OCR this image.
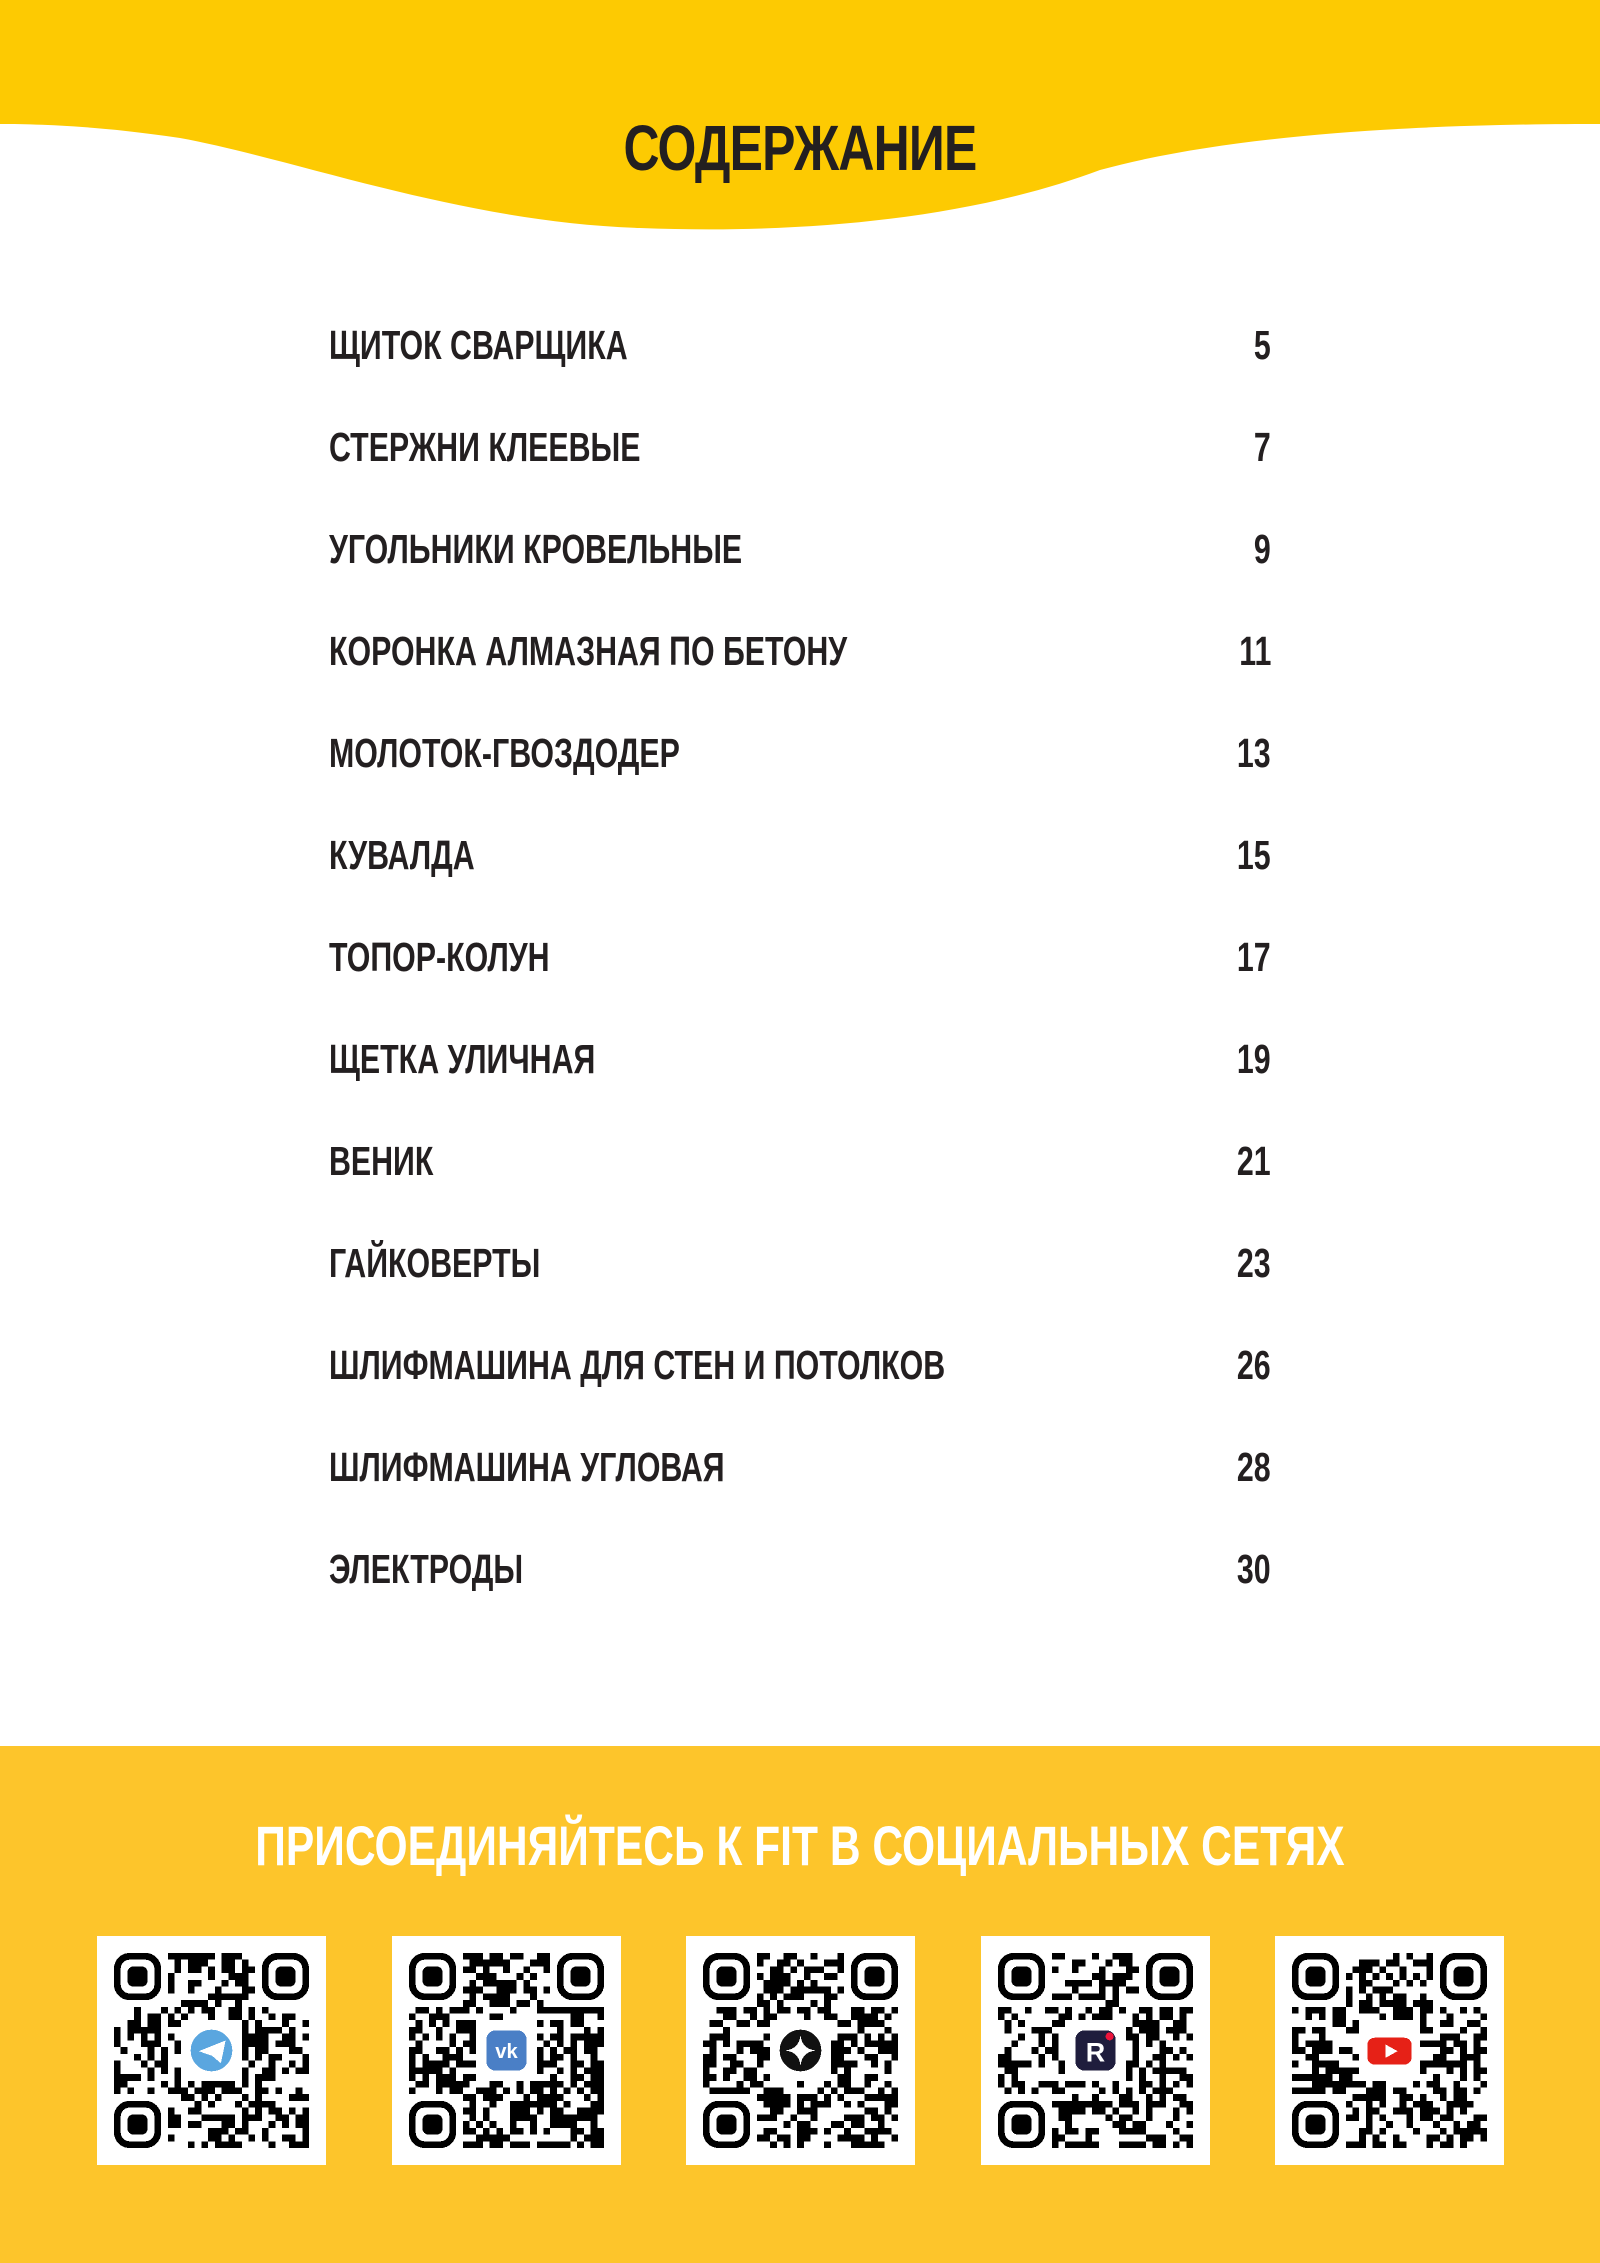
СОДЕРЖАНИЕ
ЩИТОК СВАРЩИКА	5
СТЕРЖНИ КЛЕЕВЫЕ	7
УГОЛЬНИКИ КРОВЕЛЬНЫЕ	9
КОРОНКА АЛМАЗНАЯ ПО БЕТОНУ	11
МОЛОТОК-ГВОЗДОДЕР	13
КУВАЛДА	15
ТОПОР-КОЛУН	17
ЩЕТКА УЛИЧНАЯ	19
ВЕНИК	21
ГАЙКОВЕРТЫ	23
ШЛИФМАШИНА ДЛЯ СТЕН И ПОТОЛКОВ	26
ШЛИФМАШИНА УГЛОВАЯ	28
ЭЛЕКТРОДЫ	30
ПРИСОЕДИНЯЙТЕСЬ К FIT В СОЦИАЛЬНЫХ СЕТЯХ
vk	R
